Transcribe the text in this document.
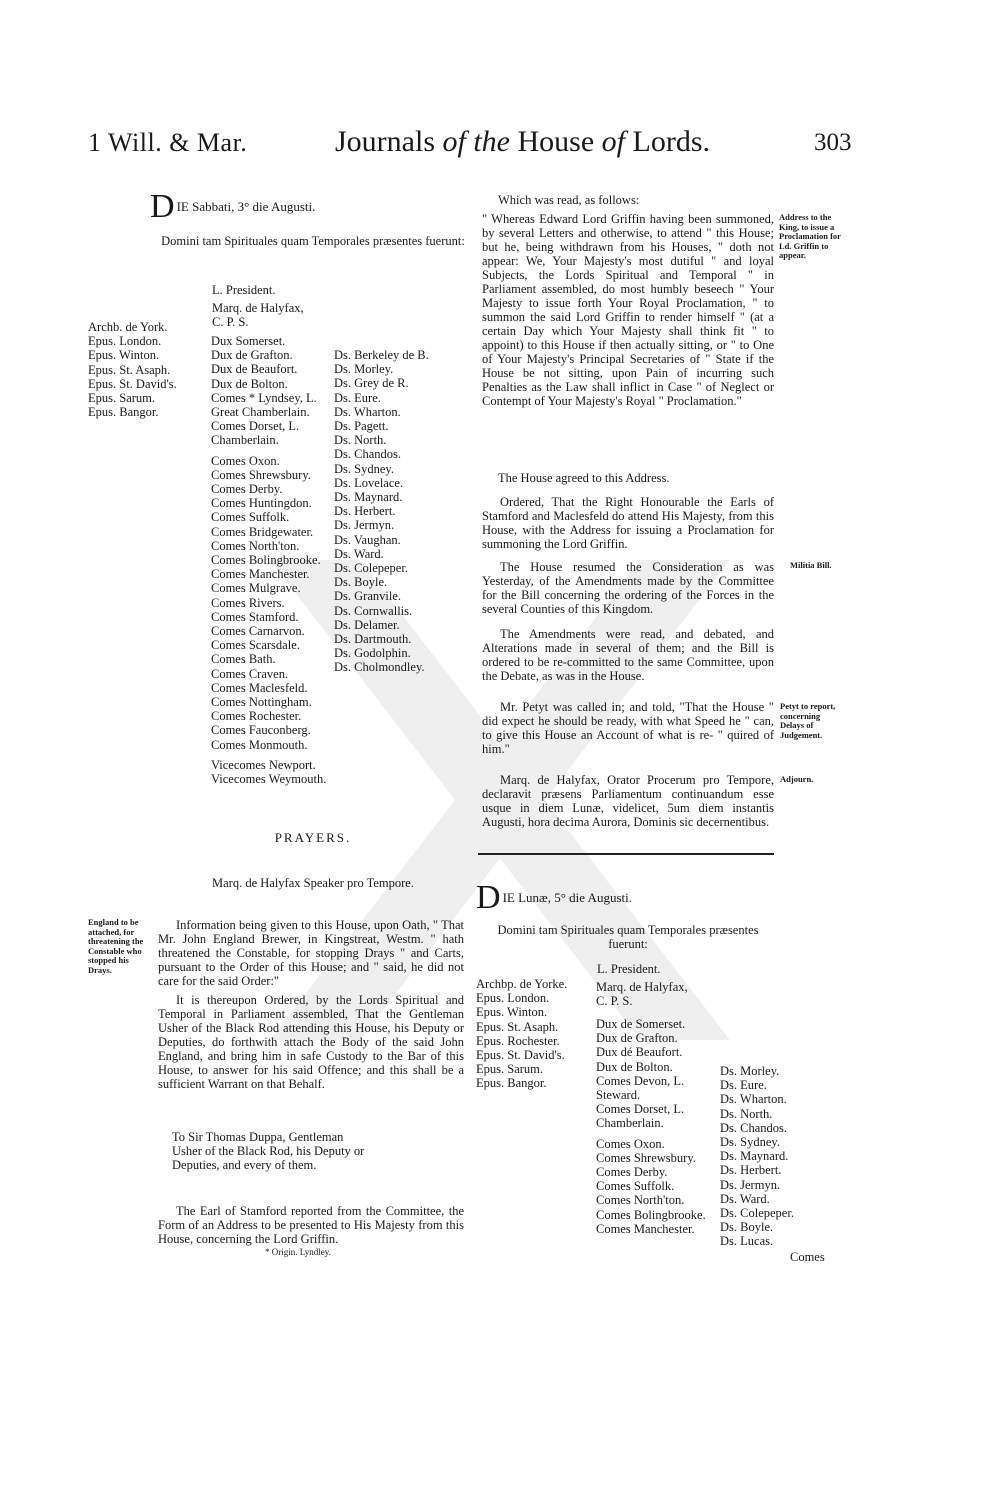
1 Will. & Mar.	Journals of the House of Lords.	303
DIE Sabbati, 3° die Augusti.
Domini tam Spirituales quam Temporales præsentes fuerunt:
L. President.
Marq. de Halyfax, C. P. S.
Archb. de York.
Epus. London.
Epus. Winton.
Epus. St. Asaph.
Epus. St. David's.
Epus. Sarum.
Epus. Bangor.
Dux Somerset.
Dux de Grafton.
Dux de Beaufort.
Dux de Bolton.
Comes * Lyndsey, L.
Great Chamberlain.
Comes Dorset, L.
Chamberlain.
Comes Oxon.
Comes Shrewsbury.
Comes Derby.
Comes Huntingdon.
Comes Suffolk.
Comes Bridgewater.
Comes North'ton.
Comes Bolingbrooke.
Comes Manchester.
Comes Mulgrave.
Comes Rivers.
Comes Stamford.
Comes Carnarvon.
Comes Scarsdale.
Comes Bath.
Comes Craven.
Comes Maclesfeld.
Comes Nottingham.
Comes Rochester.
Comes Fauconberg.
Comes Monmouth.
Vicecomes Newport.
Vicecomes Weymouth.
Ds. Berkeley de B.
Ds. Morley.
Ds. Grey de R.
Ds. Eure.
Ds. Wharton.
Ds. Pagett.
Ds. North.
Ds. Chandos.
Ds. Sydney.
Ds. Lovelace.
Ds. Maynard.
Ds. Herbert.
Ds. Jermyn.
Ds. Vaughan.
Ds. Ward.
Ds. Colepeper.
Ds. Boyle.
Ds. Granvile.
Ds. Cornwallis.
Ds. Delamer.
Ds. Dartmouth.
Ds. Godolphin.
Ds. Cholmondley.
PRAYERS.
Marq. de Halyfax Speaker pro Tempore.
England to be attached, for threatening the Constable who stopped his Drays.
Information being given to this House, upon Oath, " That Mr. John England Brewer, in Kingstreat, Westm. " hath threatened the Constable, for stopping Drays " and Carts, pursuant to the Order of this House; and " said, he did not care for the said Order:"
It is thereupon Ordered, by the Lords Spiritual and Temporal in Parliament assembled, That the Gentleman Usher of the Black Rod attending this House, his Deputy or Deputies, do forthwith attach the Body of the said John England, and bring him in safe Custody to the Bar of this House, to answer for his said Offence; and this shall be a sufficient Warrant on that Behalf.
To Sir Thomas Duppa, Gentleman Usher of the Black Rod, his Deputy or Deputies, and every of them.
The Earl of Stamford reported from the Committee, the Form of an Address to be presented to His Majesty from this House, concerning the Lord Griffin.
* Origin. Lyndley.
Which was read, as follows:
" Whereas Edward Lord Griffin having been summoned, by several Letters and otherwise, to attend " this House; but he, being withdrawn from his Houses, " doth not appear: We, Your Majesty's most dutiful " and loyal Subjects, the Lords Spiritual and Temporal " in Parliament assembled, do most humbly beseech " Your Majesty to issue forth Your Royal Proclamation, " to summon the said Lord Griffin to render himself " (at a certain Day which Your Majesty shall think fit " to appoint) to this House if then actually sitting, or " to One of Your Majesty's Principal Secretaries of " State if the House be not sitting, upon Pain of incurring such Penalties as the Law shall inflict in Case " of Neglect or Contempt of Your Majesty's Royal " Proclamation."
Address to the King, to issue a Proclamation for Ld. Griffin to appear.
The House agreed to this Address.
Ordered, That the Right Honourable the Earls of Stamford and Maclesfeld do attend His Majesty, from this House, with the Address for issuing a Proclamation for summoning the Lord Griffin.
The House resumed the Consideration as was Yesterday, of the Amendments made by the Committee for the Bill concerning the ordering of the Forces in the several Counties of this Kingdom.
Militia Bill.
The Amendments were read, and debated, and Alterations made in several of them; and the Bill is ordered to be re-committed to the same Committee, upon the Debate, as was in the House.
Mr. Petyt was called in; and told, "That the House " did expect he should be ready, with what Speed he " can, to give this House an Account of what is re- " quired of him."
Petyt to report, concerning Delays of Judgement.
Marq. de Halyfax, Orator Procerum pro Tempore, declaravit præsens Parliamentum continuandum esse usque in diem Lunæ, videlicet, 5um diem instantis Augusti, hora decima Aurora, Dominis sic decernentibus.
Adjourn.
DIE Lunæ, 5° die Augusti.
Domini tam Spirituales quam Temporales præsentes fuerunt:
L. President.
Marq. de Halyfax, C. P. S.
Archbp. de Yorke.
Epus. London.
Epus. Winton.
Epus. St. Asaph.
Epus. Rochester.
Epus. St. David's.
Epus. Sarum.
Epus. Bangor.
Dux de Somerset.
Dux de Grafton.
Dux dé Beaufort.
Dux de Bolton.
Comes Devon, L.
Steward.
Comes Dorset, L.
Chamberlain.
Comes Oxon.
Comes Shrewsbury.
Comes Derby.
Comes Suffolk.
Comes North'ton.
Comes Bolingbrooke.
Comes Manchester.
Ds. Morley.
Ds. Eure.
Ds. Wharton.
Ds. North.
Ds. Chandos.
Ds. Sydney.
Ds. Maynard.
Ds. Herbert.
Ds. Jermyn.
Ds. Ward.
Ds. Colepeper.
Ds. Boyle.
Ds. Lucas.
Comes
